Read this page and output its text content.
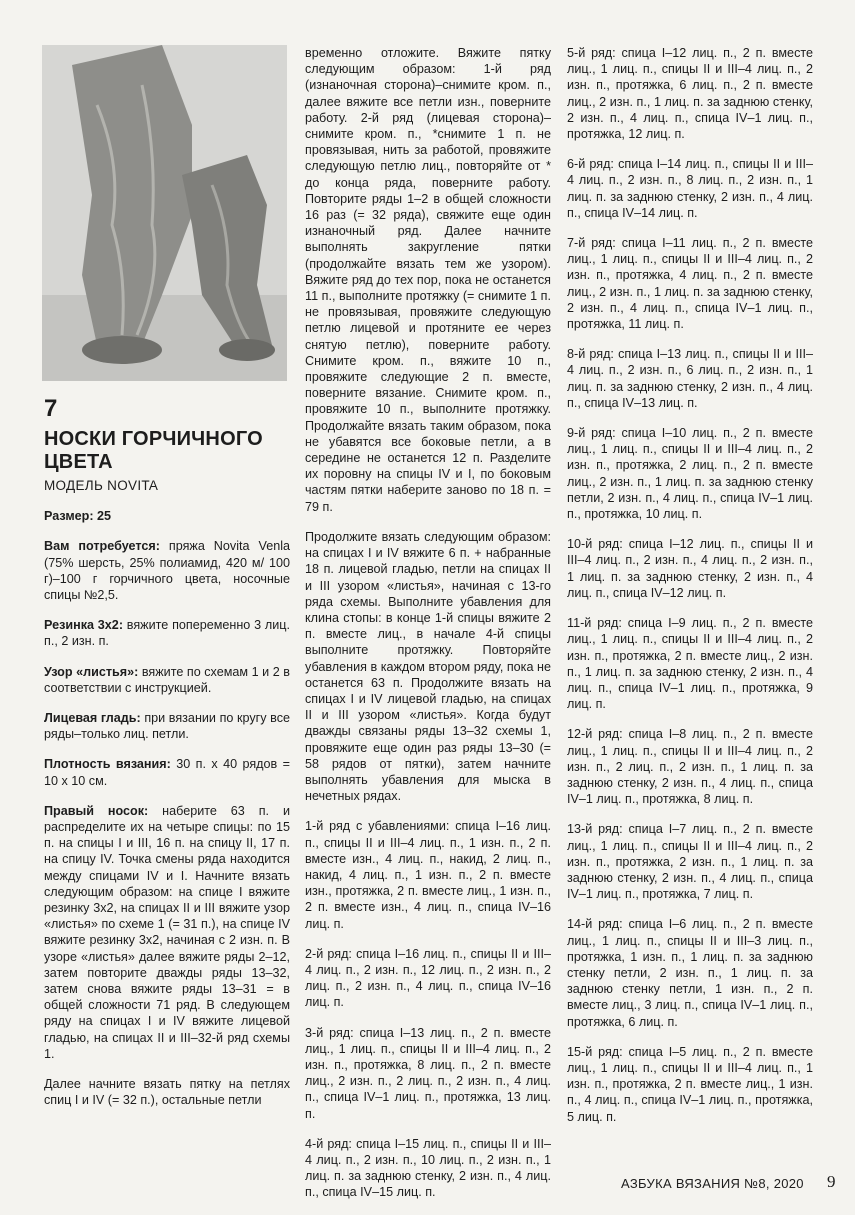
7
НОСКИ ГОРЧИЧНОГО ЦВЕТА
МОДЕЛЬ NOVITA

Размер: 25

Вам потребуется: пряжа Novita Venla (75% шерсть, 25% полиамид, 420 м/ 100 г)–100 г горчичного цвета, носочные спицы №2,5.

Резинка 3х2: вяжите попеременно 3 лиц. п., 2 изн. п.

Узор «листья»: вяжите по схемам 1 и 2 в соответствии с инструкцией.

Лицевая гладь: при вязании по кругу все ряды–только лиц. петли.

Плотность вязания: 30 п. х 40 рядов = 10 х 10 см.

Правый носок: наберите 63 п. и распределите их на четыре спицы: по 15 п. на спицы I и III, 16 п. на спицу II, 17 п. на спицу IV. Точка смены ряда находится между спицами IV и I. Начните вязать следующим образом: на спице I вяжите резинку 3х2, на спицах II и III вяжите узор «листья» по схеме 1 (= 31 п.), на спице IV вяжите резинку 3х2, начиная с 2 изн. п. В узоре «листья» далее вяжите ряды 2–12, затем повторите дважды ряды 13–32, затем снова вяжите ряды 13–31 = в общей сложности 71 ряд. В следующем ряду на спицах I и IV вяжите лицевой гладью, на спицах II и III–32-й ряд схемы 1.

Далее начните вязать пятку на петлях спиц I и IV (= 32 п.), остальные петли

временно отложите. Вяжите пятку следующим образом: 1-й ряд (изнаночная сторона)–снимите кром. п., далее вяжите все петли изн., поверните работу. 2-й ряд (лицевая сторона)–снимите кром. п., *снимите 1 п. не провязывая, нить за работой, провяжите следующую петлю лиц., повторяйте от * до конца ряда, поверните работу. Повторите ряды 1–2 в общей сложности 16 раз (= 32 ряда), свяжите еще один изнаночный ряд. Далее начните выполнять закругление пятки (продолжайте вязать тем же узором). Вяжите ряд до тех пор, пока не останется 11 п., выполните протяжку (= снимите 1 п. не провязывая, провяжите следующую петлю лицевой и протяните ее через снятую петлю), поверните работу. Снимите кром. п., вяжите 10 п., провяжите следующие 2 п. вместе, поверните вязание. Снимите кром. п., провяжите 10 п., выполните протяжку. Продолжайте вязать таким образом, пока не убавятся все боковые петли, а в середине не останется 12 п. Разделите их поровну на спицы IV и I, по боковым частям пятки наберите заново по 18 п. = 79 п.

Продолжите вязать следующим образом: на спицах I и IV вяжите 6 п. + набранные 18 п. лицевой гладью, петли на спицах II и III узором «листья», начиная с 13-го ряда схемы. Выполните убавления для клина стопы: в конце 1-й спицы вяжите 2 п. вместе лиц., в начале 4-й спицы выполните протяжку. Повторяйте убавления в каждом втором ряду, пока не останется 63 п. Продолжите вязать на спицах I и IV лицевой гладью, на спицах II и III узором «листья». Когда будут дважды связаны ряды 13–32 схемы 1, провяжите еще один раз ряды 13–30 (= 58 рядов от пятки), затем начните выполнять убавления для мыска в нечетных рядах.

1-й ряд с убавлениями: спица I–16 лиц. п., спицы II и III–4 лиц. п., 1 изн. п., 2 п. вместе изн., 4 лиц. п., накид, 2 лиц. п., накид, 4 лиц. п., 1 изн. п., 2 п. вместе изн., протяжка, 2 п. вместе лиц., 1 изн. п., 2 п. вместе изн., 4 лиц. п., спица IV–16 лиц. п.

2-й ряд: спица I–16 лиц. п., спицы II и III–4 лиц. п., 2 изн. п., 12 лиц. п., 2 изн. п., 2 лиц. п., 2 изн. п., 4 лиц. п., спица IV–16 лиц. п.

3-й ряд: спица I–13 лиц. п., 2 п. вместе лиц., 1 лиц. п., спицы II и III–4 лиц. п., 2 изн. п., протяжка, 8 лиц. п., 2 п. вместе лиц., 2 изн. п., 2 лиц. п., 2 изн. п., 4 лиц. п., спица IV–1 лиц. п., протяжка, 13 лиц. п.

4-й ряд: спица I–15 лиц. п., спицы II и III–4 лиц. п., 2 изн. п., 10 лиц. п., 2 изн. п., 1 лиц. п. за заднюю стенку, 2 изн. п., 4 лиц. п., спица IV–15 лиц. п.

5-й ряд: спица I–12 лиц. п., 2 п. вместе лиц., 1 лиц. п., спицы II и III–4 лиц. п., 2 изн. п., протяжка, 6 лиц. п., 2 п. вместе лиц., 2 изн. п., 1 лиц. п. за заднюю стенку, 2 изн. п., 4 лиц. п., спица IV–1 лиц. п., протяжка, 12 лиц. п.

6-й ряд: спица I–14 лиц. п., спицы II и III–4 лиц. п., 2 изн. п., 8 лиц. п., 2 изн. п., 1 лиц. п. за заднюю стенку, 2 изн. п., 4 лиц. п., спица IV–14 лиц. п.

7-й ряд: спица I–11 лиц. п., 2 п. вместе лиц., 1 лиц. п., спицы II и III–4 лиц. п., 2 изн. п., протяжка, 4 лиц. п., 2 п. вместе лиц., 2 изн. п., 1 лиц. п. за заднюю стенку, 2 изн. п., 4 лиц. п., спица IV–1 лиц. п., протяжка, 11 лиц. п.

8-й ряд: спица I–13 лиц. п., спицы II и III–4 лиц. п., 2 изн. п., 6 лиц. п., 2 изн. п., 1 лиц. п. за заднюю стенку, 2 изн. п., 4 лиц. п., спица IV–13 лиц. п.

9-й ряд: спица I–10 лиц. п., 2 п. вместе лиц., 1 лиц. п., спицы II и III–4 лиц. п., 2 изн. п., протяжка, 2 лиц. п., 2 п. вместе лиц., 2 изн. п., 1 лиц. п. за заднюю стенку петли, 2 изн. п., 4 лиц. п., спица IV–1 лиц. п., протяжка, 10 лиц. п.

10-й ряд: спица I–12 лиц. п., спицы II и III–4 лиц. п., 2 изн. п., 4 лиц. п., 2 изн. п., 1 лиц. п. за заднюю стенку, 2 изн. п., 4 лиц. п., спица IV–12 лиц. п.

11-й ряд: спица I–9 лиц. п., 2 п. вместе лиц., 1 лиц. п., спицы II и III–4 лиц. п., 2 изн. п., протяжка, 2 п. вместе лиц., 2 изн. п., 1 лиц. п. за заднюю стенку, 2 изн. п., 4 лиц. п., спица IV–1 лиц. п., протяжка, 9 лиц. п.

12-й ряд: спица I–8 лиц. п., 2 п. вместе лиц., 1 лиц. п., спицы II и III–4 лиц. п., 2 изн. п., 2 лиц. п., 2 изн. п., 1 лиц. п. за заднюю стенку, 2 изн. п., 4 лиц. п., спица IV–1 лиц. п., протяжка, 8 лиц. п.

13-й ряд: спица I–7 лиц. п., 2 п. вместе лиц., 1 лиц. п., спицы II и III–4 лиц. п., 2 изн. п., протяжка, 2 изн. п., 1 лиц. п. за заднюю стенку, 2 изн. п., 4 лиц. п., спица IV–1 лиц. п., протяжка, 7 лиц. п.

14-й ряд: спица I–6 лиц. п., 2 п. вместе лиц., 1 лиц. п., спицы II и III–3 лиц. п., протяжка, 1 изн. п., 1 лиц. п. за заднюю стенку петли, 2 изн. п., 1 лиц. п. за заднюю стенку петли, 1 изн. п., 2 п. вместе лиц., 3 лиц. п., спица IV–1 лиц. п., протяжка, 6 лиц. п.

15-й ряд: спица I–5 лиц. п., 2 п. вместе лиц., 1 лиц. п., спицы II и III–4 лиц. п., 1 изн. п., протяжка, 2 п. вместе лиц., 1 изн. п., 4 лиц. п., спица IV–1 лиц. п., протяжка, 5 лиц. п.

АЗБУКА ВЯЗАНИЯ №8, 2020 9
